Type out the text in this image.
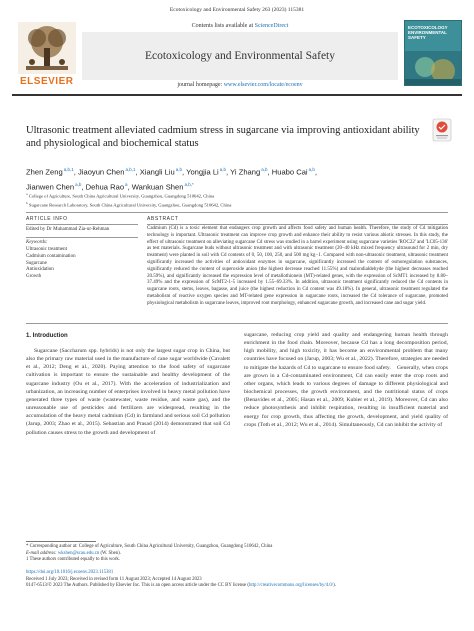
Ecotoxicology and Environmental Safety 263 (2023) 115381
ELSEVIER
Contents lists available at ScienceDirect
Ecotoxicology and Environmental Safety
journal homepage: www.elsevier.com/locate/ecoenv
ECOTOXICOLOGY ENVIRONMENTAL SAFETY
Ultrasonic treatment alleviated cadmium stress in sugarcane via improving antioxidant ability and physiological and biochemical status
Zhen Zeng$^{a,b,1}$, Jiaoyun Chen$^{a,b,1}$, Xiangli Liu$^{a,b}$, Yongjia Li$^{a,b}$, Yi Zhang$^{a,b}$, Huabo Cai$^{a,b}$,
Jianwen Chen$^{a,b}$, Dehua Rao$^a$, Wankuan Shen$^{a,b,*}$
$^a$ College of Agriculture, South China Agricultural University, Guangzhou, Guangdong 510642, China
$^b$ Sugarcane Research Laboratory, South China Agricultural University, Guangzhou, Guangdong 510642, China
ARTICLE INFO
Edited by Dr Muhammad Zia-ur-Rehman
Keywords:
Ultrasonic treatment
Cadmium contamination
Sugarcane
Antioxidation
Growth
ABSTRACT
Cadmium (Cd) is a toxic element that endangers crop growth and affects food safety and human health. Therefore, the study of Cd mitigation technology is important. Ultrasonic treatment can improve crop growth and enhance their ability to resist various abiotic stresses. In this study, the effect of ultrasonic treatment on alleviating sugarcane Cd stress was studied in a barrel experiment using sugarcane varieties 'ROC22' and 'LC05-136' as test materials. Sugarcane buds without ultrasonic treatment and with ultrasonic treatment (20–40 kHz mixed frequency ultrasound for 2 min, dry treatment) were planted in soil with Cd contents of 0, 50, 100, 250, and 500 mg kg−1. Compared with non-ultrasonic treatment, ultrasonic treatment significantly increased the activities of antioxidant enzymes in sugarcane, significantly increased the content of osmoregulation substances, significantly reduced the content of superoxide anion (the highest decrease reached 11.55%) and malondialdehyde (the highest decreases reached 20.59%), and significantly increased the expression level of metallothionein (MT)-related genes, with the expression of ScMT1 increased by 8.80–37.49% and the expression of ScMT2-1-5 increased by 1.55–69.33%. In addition, ultrasonic treatment significantly reduced the Cd contents in sugarcane roots, stems, leaves, bagasse, and juice (the highest reduction in Cd content was 49.18%). In general, ultrasonic treatment regulated the metabolism of reactive oxygen species and MT-related gene expression in sugarcane roots, increased the Cd tolerance of sugarcane, promoted physiological metabolism in sugarcane leaves, improved root morphology, enhanced sugarcane growth, and increased cane and sugar yield.
1. Introduction
Sugarcane (Saccharum spp. hybrids) is not only the largest sugar crop in China, but also the primary raw material used in the manufacture of cane sugar worldwide (Cavalett et al., 2012; Deng et al., 2020). Paying attention to the food safety of sugarcane cultivation is important to ensure the sustainable and healthy development of the sugarcane industry (Ou et al., 2017). With the acceleration of industrialization and urbanization, an increasing number of enterprises involved in heavy metal pollution have generated three types of waste (wastewater, waste residue, and waste gas), and the unreasonable use of pesticides and fertilizers are widespread, resulting in the accumulation of the heavy metal cadmium (Cd) in farmland and serious soil Cd pollution (Jarup, 2003; Zhao et al., 2015). Sebastian and Prasad (2014) demonstrated that soil Cd pollution causes stress to the growth and development of
sugarcane, reducing crop yield and quality and endangering human health through enrichment in the food chain. Moreover, because Cd has a long decomposition period, high mobility, and high toxicity, it has become an environmental problem that many countries have focused on (Jarup, 2003; Wu et al., 2022). Therefore, strategies are needed to mitigate the hazards of Cd to sugarcane to ensure food safety.    Generally, when crops are grown in a Cd-contaminated environment, Cd can easily enter the crop roots and other organs, which leads to various degrees of damage to different physiological and biochemical processes, the growth environment, and the nutritional status of crops (Benavides et al., 2005; Hasan et al., 2009; Kubier et al., 2019). Moreover, Cd can also reduce photosynthesis and inhibit respiration, resulting in insufficient material and energy for crop growth, thus affecting the growth, development, and yield quality of crops (Toth et al., 2012; Wu et al., 2014). Simultaneously, Cd can inhibit the activity of
* Corresponding author at: College of Agriculture, South China Agricultural University, Guangzhou, Guangdong 510642, China
E-mail address: wkshen@scau.edu.cn (W. Shen).
1 These authors contributed equally to this work.
https://doi.org/10.1016/j.ecoenv.2023.115381
Received 1 July 2023; Received in revised form 11 August 2023; Accepted 14 August 2023
0147-6513/© 2023 The Authors. Published by Elsevier Inc. This is an open access article under the CC BY license (http://creativecommons.org/licenses/by/4.0/).
